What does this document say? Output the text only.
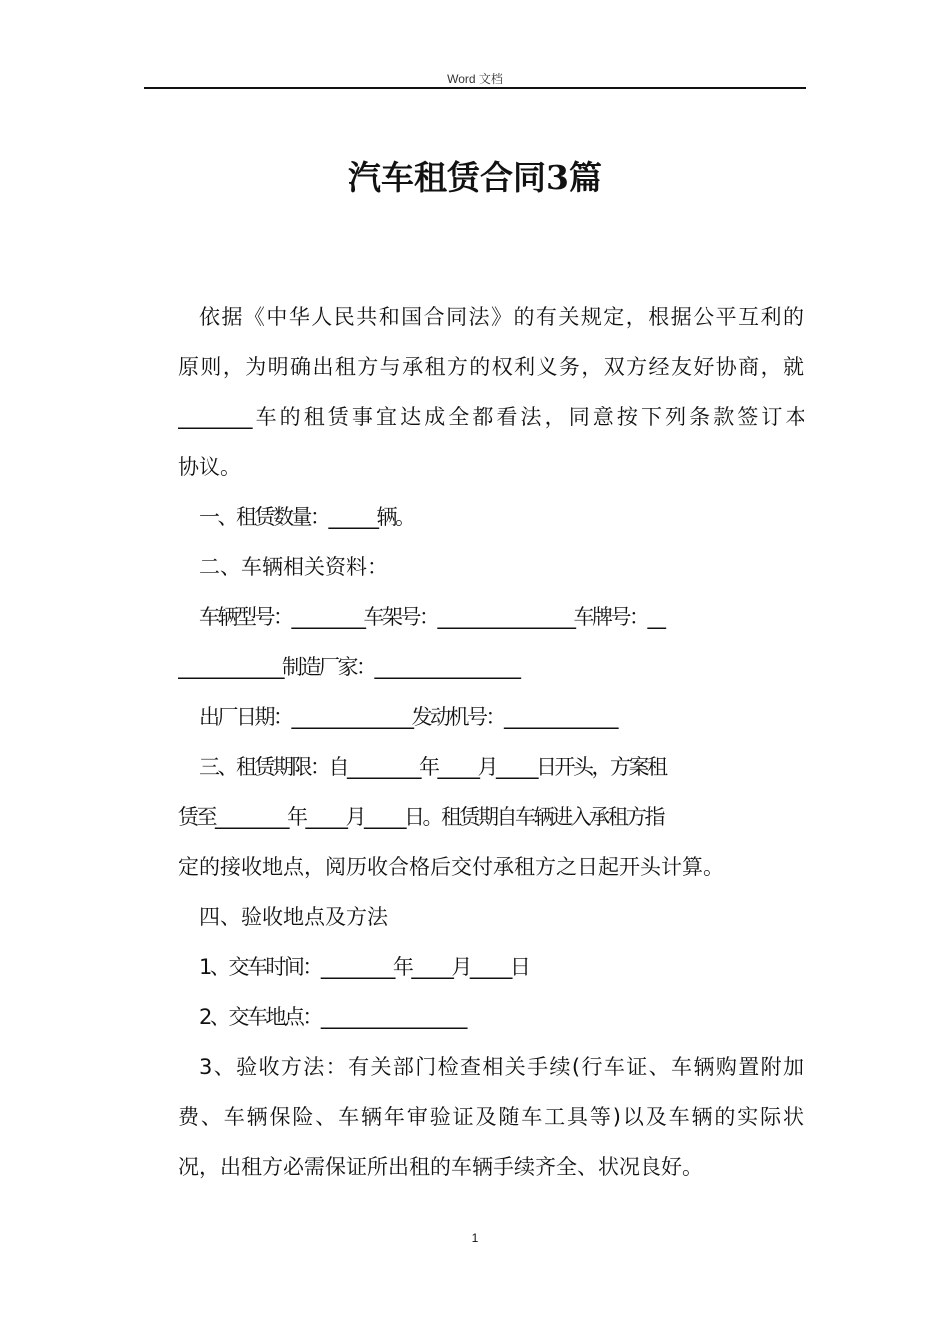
Word 文档
汽车租赁合同3篇
依据《中华人民共和国合同法》的有关规定，根据公平互利的
原则，为明确出租方与承租方的权利义务，双方经友好协商，就
_________车的租赁事宜达成全都看法，同意按下列条款签订本
协议。
一、租赁数量：______辆。
二、车辆相关资料：
车辆型号：_________车架号：_________________车牌号：__
_____________制造厂家：__________________
出厂日期：_______________发动机号：______________
三、租赁期限：自_________年_____月_____日开头，方案租
赁至_________年_____月_____日。租赁期自车辆进入承租方指
定的接收地点，阅历收合格后交付承租方之日起开头计算。
四、验收地点及方法
1、交车时间：_________年_____月_____日
2、交车地点：__________________
3、验收方法：有关部门检查相关手续(行车证、车辆购置附加
费、车辆保险、车辆年审验证及随车工具等)以及车辆的实际状
况，出租方必需保证所出租的车辆手续齐全、状况良好。
1
